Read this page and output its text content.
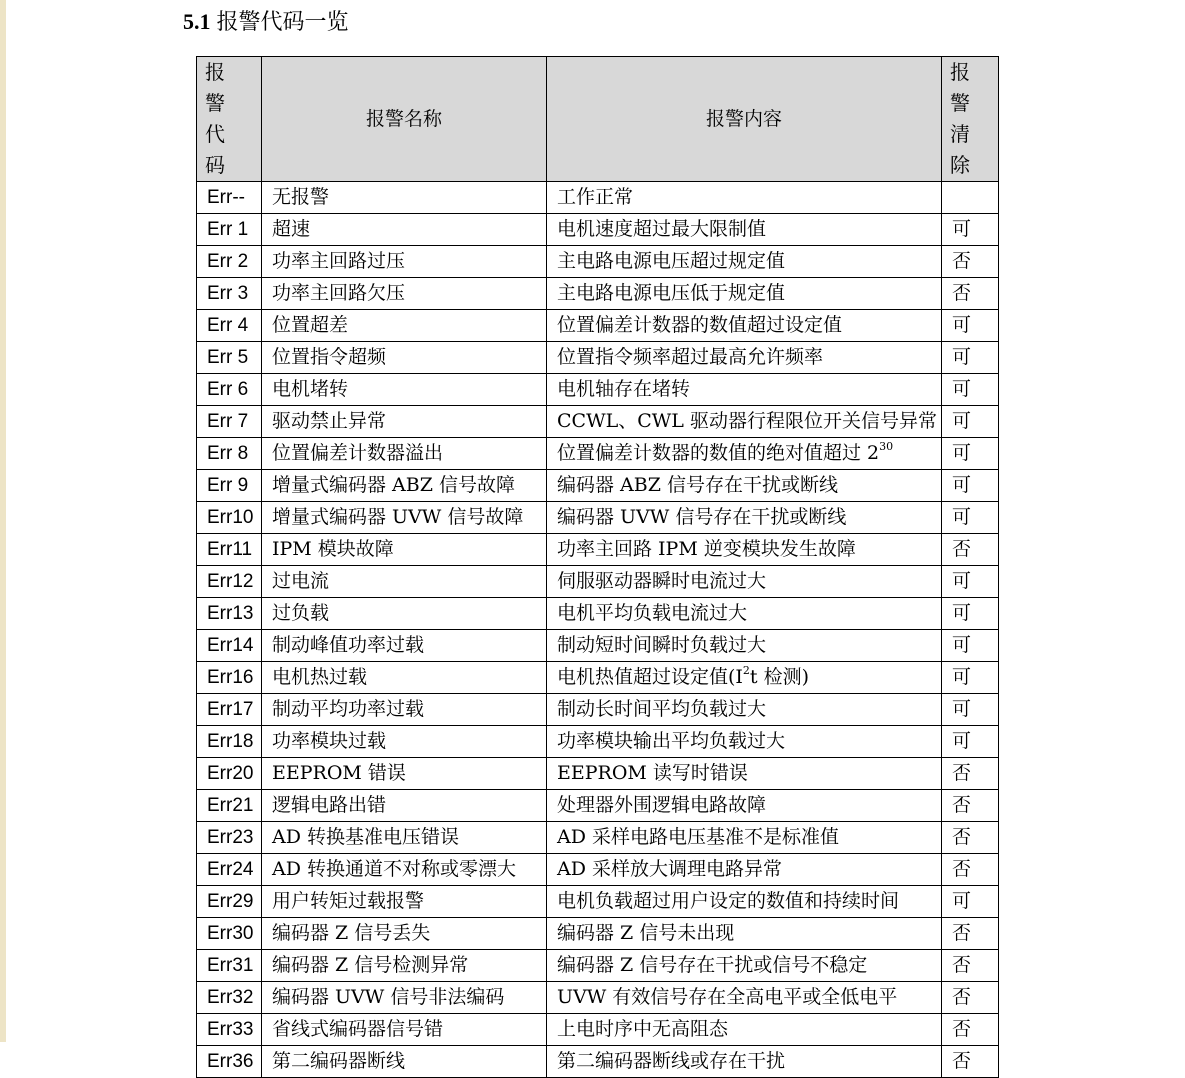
5.1 报警代码一览
报 警 代 码	报警名称	报警内容	报 警 清除
Err--	无报警	工作正常	
Err 1	超速	电机速度超过最大限制值	可
Err 2	功率主回路过压	主电路电源电压超过规定值	否
Err 3	功率主回路欠压	主电路电源电压低于规定值	否
Err 4	位置超差	位置偏差计数器的数值超过设定值	可
Err 5	位置指令超频	位置指令频率超过最高允许频率	可
Err 6	电机堵转	电机轴存在堵转	可
Err 7	驱动禁止异常	CCWL、CWL 驱动器行程限位开关信号异常	可
Err 8	位置偏差计数器溢出	位置偏差计数器的数值的绝对值超过 $2^{30}$	可
Err 9	增量式编码器 ABZ 信号故障	编码器 ABZ 信号存在干扰或断线	可
Err10	增量式编码器 UVW 信号故障	编码器 UVW 信号存在干扰或断线	可
Err11	IPM 模块故障	功率主回路 IPM 逆变模块发生故障	否
Err12	过电流	伺服驱动器瞬时电流过大	可
Err13	过负载	电机平均负载电流过大	可
Err14	制动峰值功率过载	制动短时间瞬时负载过大	可
Err16	电机热过载	电机热值超过设定值($I^2t$ 检测)	可
Err17	制动平均功率过载	制动长时间平均负载过大	可
Err18	功率模块过载	功率模块输出平均负载过大	可
Err20	EEPROM 错误	EEPROM 读写时错误	否
Err21	逻辑电路出错	处理器外围逻辑电路故障	否
Err23	AD 转换基准电压错误	AD 采样电路电压基准不是标准值	否
Err24	AD 转换通道不对称或零漂大	AD 采样放大调理电路异常	否
Err29	用户转矩过载报警	电机负载超过用户设定的数值和持续时间	可
Err30	编码器 Z 信号丢失	编码器 Z 信号未出现	否
Err31	编码器 Z 信号检测异常	编码器 Z 信号存在干扰或信号不稳定	否
Err32	编码器 UVW 信号非法编码	UVW 有效信号存在全高电平或全低电平	否
Err33	省线式编码器信号错	上电时序中无高阻态	否
Err36	第二编码器断线	第二编码器断线或存在干扰	否
